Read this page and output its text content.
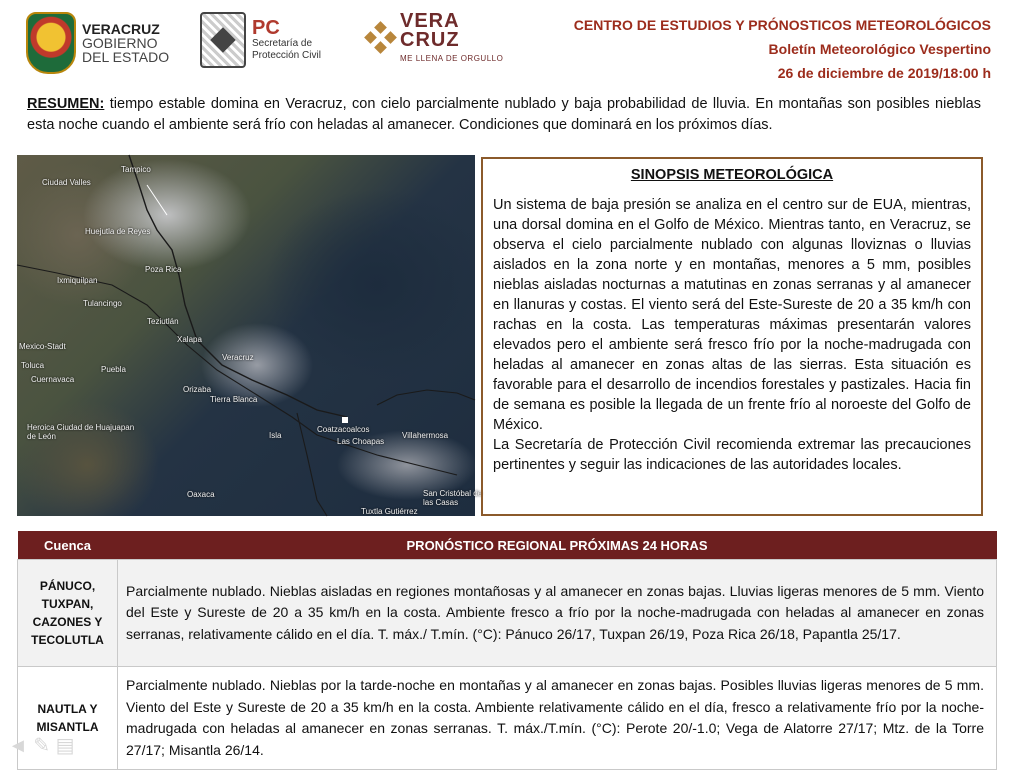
VERACRUZ
GOBIERNO
DEL ESTADO
PC
Secretaría de
Protección Civil
VERA
CRUZ
ME LLENA DE ORGULLO
CENTRO DE ESTUDIOS Y PRÓNOSTICOS METEOROLÓGICOS
Boletín Meteorológico Vespertino
26 de diciembre de 2019/18:00 h
RESUMEN: tiempo estable domina en Veracruz, con cielo parcialmente nublado y baja probabilidad de lluvia. En montañas son posibles nieblas esta noche cuando el ambiente será frío con heladas al amanecer. Condiciones que dominará en los próximos días.
Tampico
Ciudad Valles
Huejutla de Reyes
Poza Rica
Ixmiquilpan
Tulancingo
Teziutlán
Xalapa
Mexico-Stadt
Toluca
Cuernavaca
Puebla
Veracruz
Orizaba
Tierra Blanca
Heroica Ciudad de Huajuapan de León	Isla
Coatzacoalcos
Las Choapas
Villahermosa
Oaxaca	San Cristóbal de las Casas
Tuxtla Gutiérrez
SINOPSIS METEOROLÓGICA

Un sistema de baja presión se analiza en el centro sur de EUA, mientras, una dorsal domina en el Golfo de México. Mientras tanto, en Veracruz, se observa el cielo parcialmente nublado con algunas lloviznas o lluvias aislados en la zona norte y en montañas, menores a 5 mm, posibles nieblas aisladas nocturnas a matutinas en zonas serranas y al amanecer en llanuras y costas. El viento será del Este-Sureste de 20 a 35 km/h con rachas en la costa. Las temperaturas máximas presentarán valores elevados pero el ambiente será fresco frío por la noche-madrugada con heladas al amanecer en zonas altas de las sierras. Esta situación es favorable para el desarrollo de incendios forestales y pastizales. Hacia fin de semana es posible la llegada de un frente frío al noroeste del Golfo de México.

La Secretaría de Protección Civil recomienda extremar las precauciones pertinentes y seguir las indicaciones de las autoridades locales.

Cuenca	PRONÓSTICO REGIONAL PRÓXIMAS 24 HORAS
PÁNUCO, TUXPAN, CAZONES Y TECOLUTLA	Parcialmente nublado. Nieblas aisladas en regiones montañosas y al amanecer en zonas bajas. Lluvias ligeras menores de 5 mm. Viento del Este y Sureste de 20 a 35 km/h en la costa. Ambiente fresco a frío por la noche-madrugada con heladas al amanecer en zonas serranas, relativamente cálido en el día. T. máx./ T.mín. (°C): Pánuco 26/17, Tuxpan 26/19, Poza Rica 26/18, Papantla 25/17.
NAUTLA Y MISANTLA	Parcialmente nublado. Nieblas por la tarde-noche en montañas y al amanecer en zonas bajas. Posibles lluvias ligeras menores de 5 mm. Viento del Este y Sureste de 20 a 35 km/h en la costa. Ambiente relativamente cálido en el día, fresco a relativamente frío por la noche-madrugada con heladas al amanecer en zonas serranas. T. máx./T.mín. (°C): Perote 20/-1.0; Vega de Alatorre 27/17; Mtz. de la Torre 27/17; Misantla 26/14.
◄ ✎ ▤
